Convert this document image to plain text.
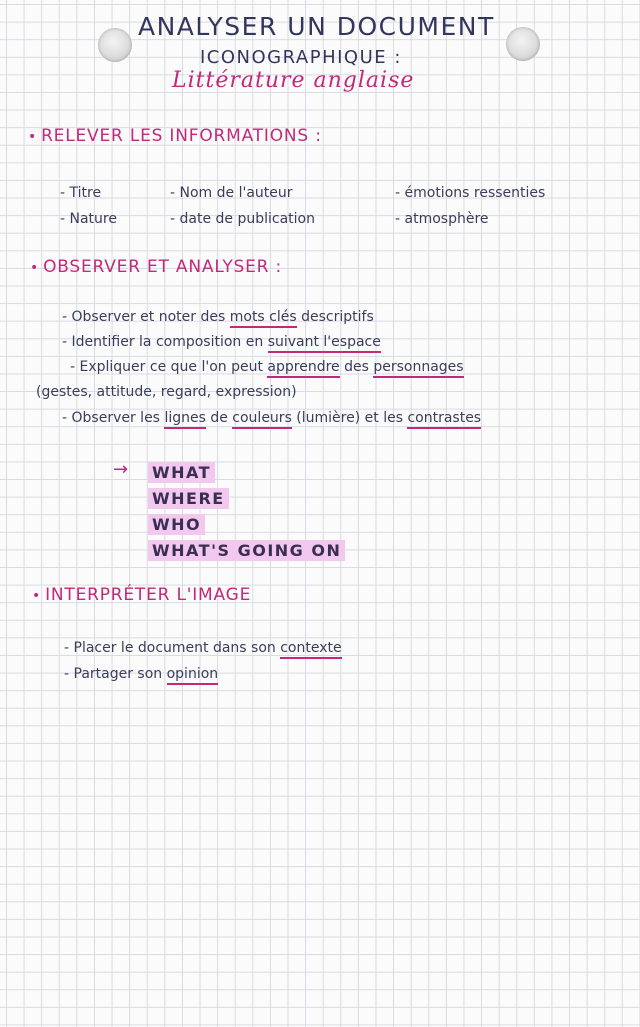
ANALYSER UN DOCUMENT
ICONOGRAPHIQUE :
Littérature anglaise
• RELEVER LES INFORMATIONS :
- Titre
- Nature
- Nom de l'auteur
- date de publication
- émotions ressenties
- atmosphère
• OBSERVER ET ANALYSER :
- Observer et noter des mots clés descriptifs
- Identifier la composition en suivant l'espace
- Expliquer ce que l'on peut apprendre des personnages
(gestes, attitude, regard, expression)
- Observer les lignes de couleurs (lumière) et les contrastes
→ WHAT
WHERE
WHO
WHAT'S GOING ON
• INTERPRÉTER L'IMAGE
- Placer le document dans son contexte
- Partager son opinion
